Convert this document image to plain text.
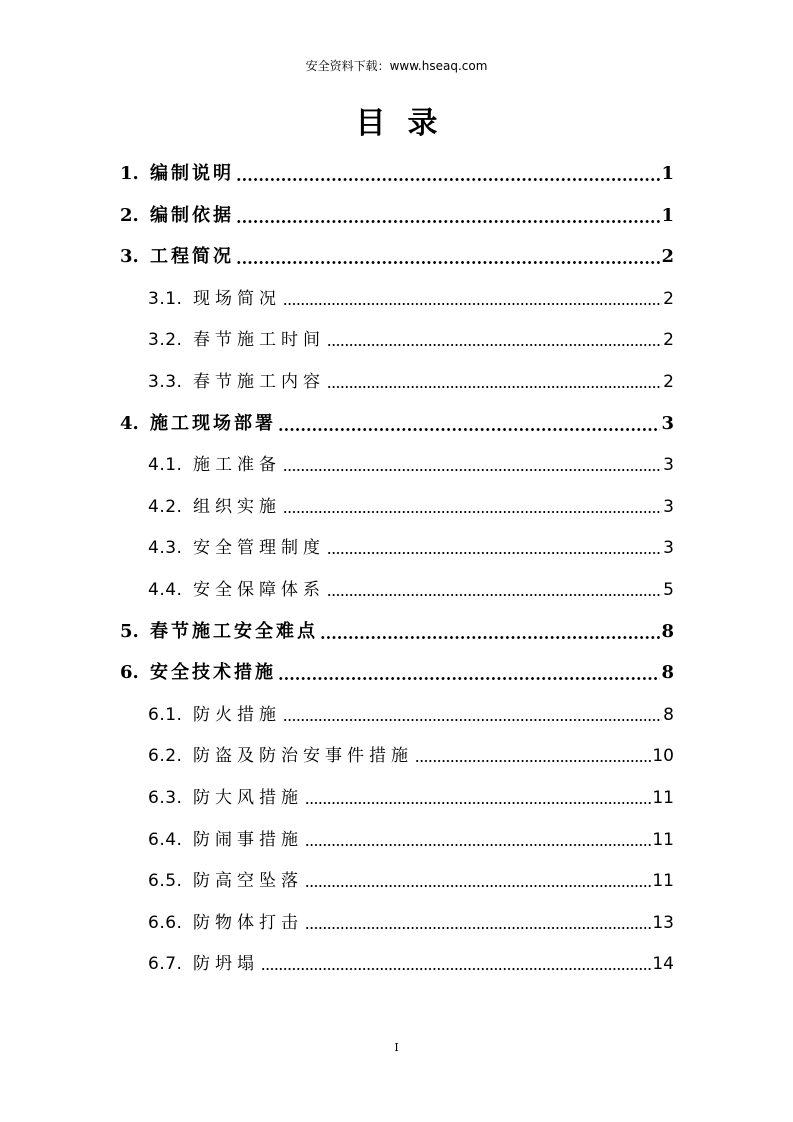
安全资料下载：www.hseaq.com
目录
1. 编制说明	1
2. 编制依据	1
3. 工程简况	2
3.1. 现场简况	2
3.2. 春节施工时间	2
3.3. 春节施工内容	2
4. 施工现场部署	3
4.1. 施工准备	3
4.2. 组织实施	3
4.3. 安全管理制度	3
4.4. 安全保障体系	5
5. 春节施工安全难点	8
6. 安全技术措施	8
6.1. 防火措施	8
6.2. 防盗及防治安事件措施	10
6.3. 防大风措施	11
6.4. 防闹事措施	11
6.5. 防高空坠落	11
6.6. 防物体打击	13
6.7. 防坍塌	14
I
